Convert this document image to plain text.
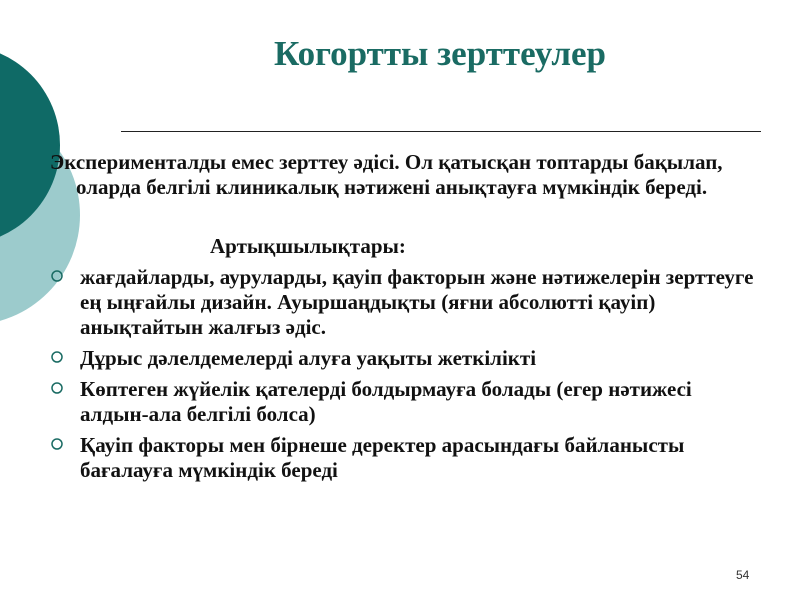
Когортты зерттеулер

Эксперименталды емес зерттеу әдісі. Ол қатысқан топтарды бақылап, оларда белгілі клиникалық нәтижені анықтауға мүмкіндік береді.

Артықшылықтары:
жағдайларды, ауруларды, қауіп факторын және нәтижелерін зерттеуге ең ыңғайлы дизайн. Ауыршаңдықты (яғни абсолютті қауіп) анықтайтын жалғыз әдіс.
Дұрыс дәлелдемелерді алуға уақыты жеткілікті
Көптеген жүйелік қателерді болдырмауға болады (егер нәтижесі алдын-ала белгілі болса)
Қауіп факторы мен бірнеше деректер арасындағы байланысты бағалауға мүмкіндік береді
54
